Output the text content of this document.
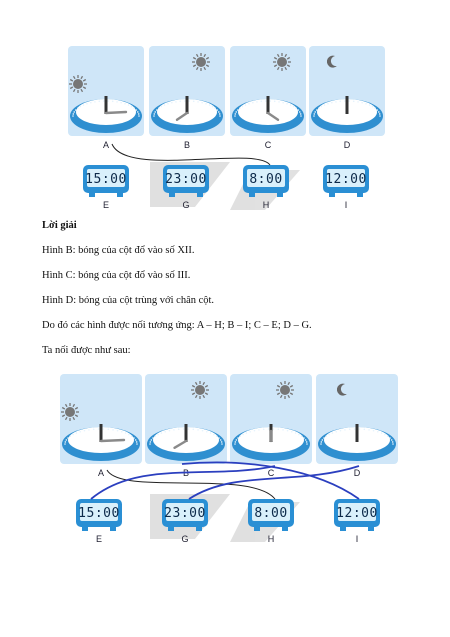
A	B	C	D
15:00
E
23:00
G
8:00
H
12:00
I
Lời giải
Hình B: bóng của cột đổ vào số XII.
Hình C: bóng của cột đổ vào số III.
Hình D: bóng của cột trùng với chân cột.
Do đó các hình được nối tương ứng: A – H; B – I; C – E; D – G.
Ta nối được như sau:
A	B	C	D
15:00
E
23:00
G
8:00
H
12:00
I
